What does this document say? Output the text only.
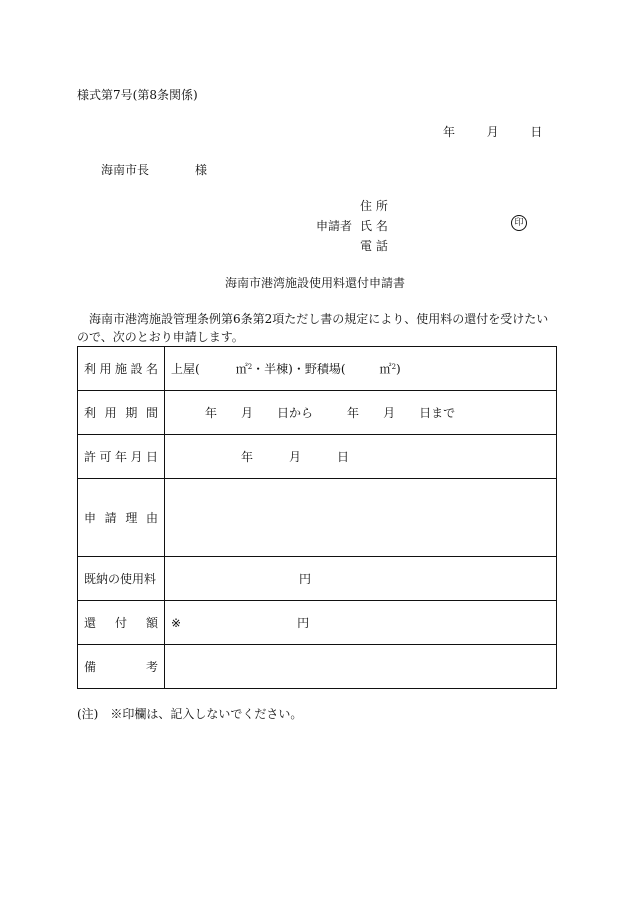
様式第7号(第8条関係)
年	月	日
海南市長	様
申請者
住 所
氏 名	印
電 話
海南市港湾施設使用料還付申請書
海南市港湾施設管理条例第6条第2項ただし書の規定により、使用料の還付を受けたいので、次のとおり申請します。
利 用 施 設 名	上屋( ㎡$^2$・半棟)・野積場( ㎡$^2$)

利 用 期 間	年 月 日から 年 月 日まで

許 可 年 月 日	年 月 日

申 請 理 由	

既納の使用料	円

還 付 額	※ 円

備 考	

(注) ※印欄は、記入しないでください。
